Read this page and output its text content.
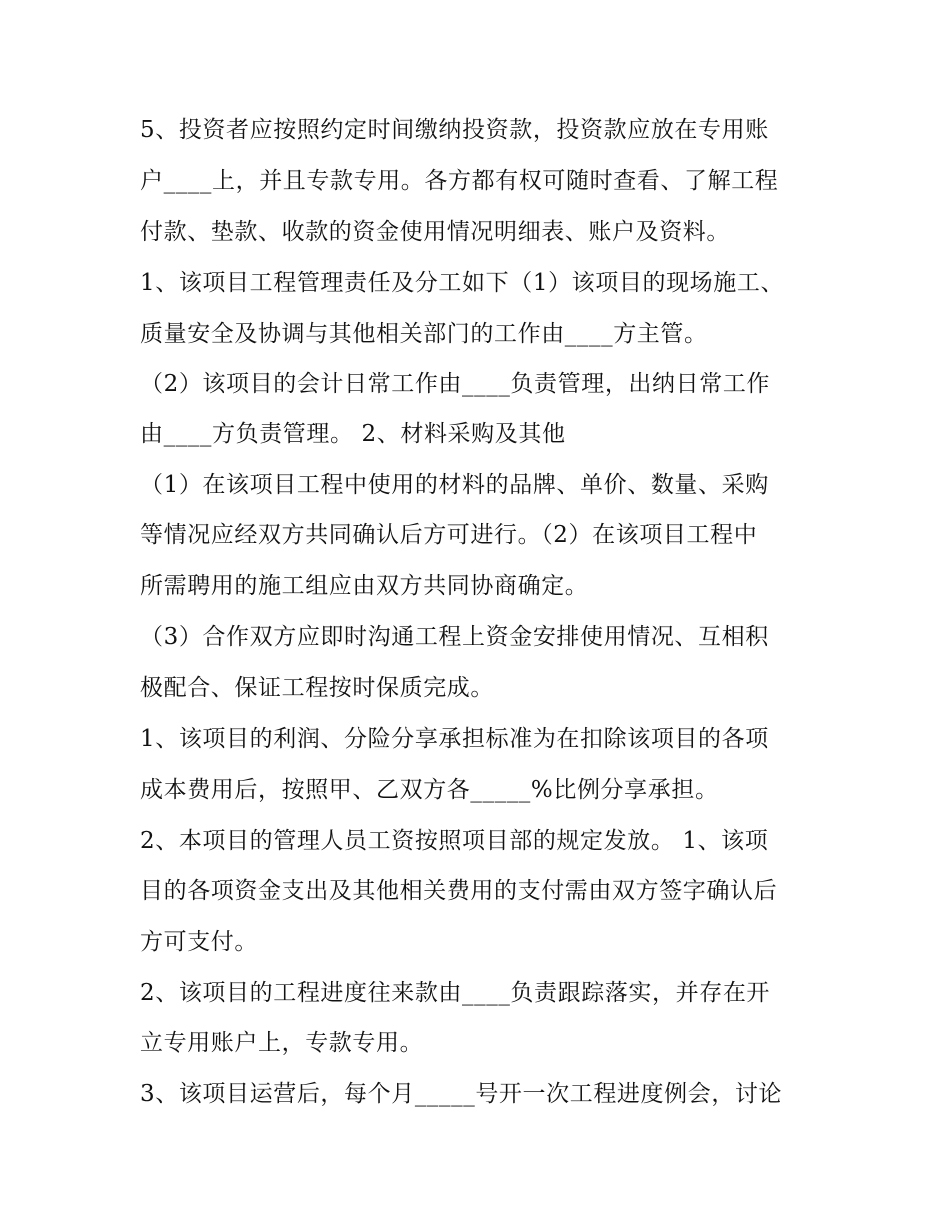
5、投资者应按照约定时间缴纳投资款，投资款应放在专用账
户____上，并且专款专用。各方都有权可随时查看、了解工程
付款、垫款、收款的资金使用情况明细表、账户及资料。
1、该项目工程管理责任及分工如下（1）该项目的现场施工、
质量安全及协调与其他相关部门的工作由____方主管。
（2）该项目的会计日常工作由____负责管理，出纳日常工作
由____方负责管理。 2、材料采购及其他
（1）在该项目工程中使用的材料的品牌、单价、数量、采购
等情况应经双方共同确认后方可进行。（2）在该项目工程中
所需聘用的施工组应由双方共同协商确定。
（3）合作双方应即时沟通工程上资金安排使用情况、互相积
极配合、保证工程按时保质完成。
1、该项目的利润、分险分享承担标准为在扣除该项目的各项
成本费用后，按照甲、乙双方各_____%比例分享承担。
2、本项目的管理人员工资按照项目部的规定发放。 1、该项
目的各项资金支出及其他相关费用的支付需由双方签字确认后
方可支付。
2、该项目的工程进度往来款由____负责跟踪落实，并存在开
立专用账户上，专款专用。
3、该项目运营后，每个月_____号开一次工程进度例会，讨论
